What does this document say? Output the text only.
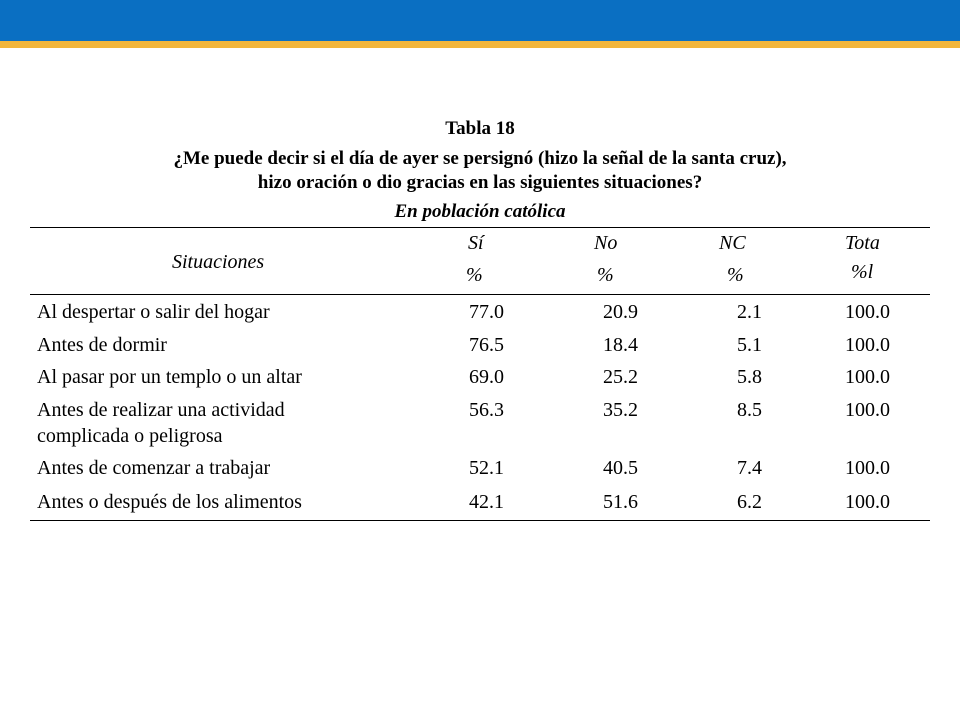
Tabla 18
¿Me puede decir si el día de ayer se persignó (hizo la señal de la santa cruz),
hizo oración o dio gracias en las siguientes situaciones?
En población católica
Situaciones
Sí	No	NC	Tota
%	%	%	%l
Al despertar o salir del hogar	77.0	20.9	2.1	100.0
Antes de dormir	76.5	18.4	5.1	100.0
Al pasar por un templo o un altar	69.0	25.2	5.8	100.0
Antes de realizar una actividad
complicada o peligrosa
56.3	35.2	8.5	100.0
Antes de comenzar a trabajar	52.1	40.5	7.4	100.0
Antes o después de los alimentos	42.1	51.6	6.2	100.0
